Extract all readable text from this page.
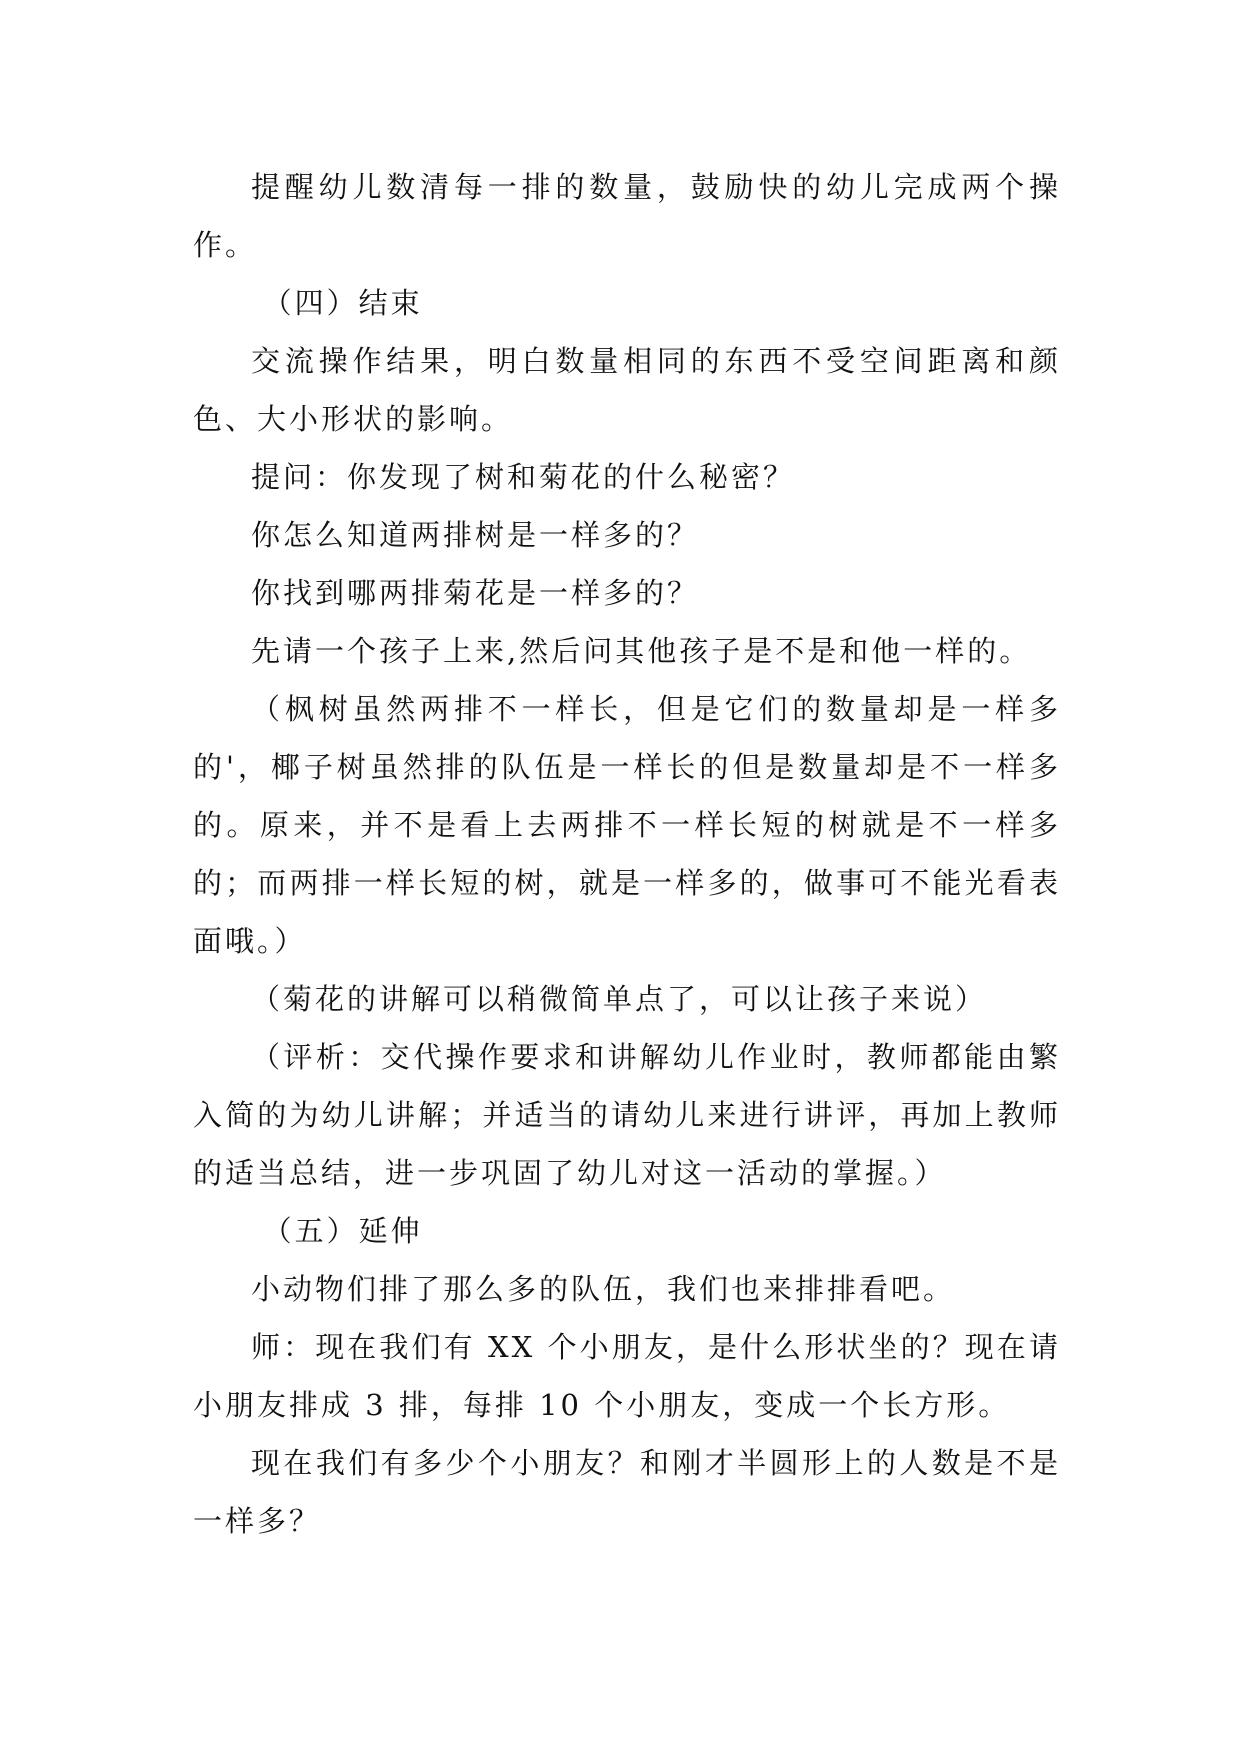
提醒幼儿数清每一排的数量，鼓励快的幼儿完成两个操作。

（四）结束

交流操作结果，明白数量相同的东西不受空间距离和颜色、大小形状的影响。

提问：你发现了树和菊花的什么秘密？

你怎么知道两排树是一样多的？

你找到哪两排菊花是一样多的？

先请一个孩子上来,然后问其他孩子是不是和他一样的。

（枫树虽然两排不一样长，但是它们的数量却是一样多的'，椰子树虽然排的队伍是一样长的但是数量却是不一样多的。原来，并不是看上去两排不一样长短的树就是不一样多的；而两排一样长短的树，就是一样多的，做事可不能光看表面哦。）

（菊花的讲解可以稍微简单点了，可以让孩子来说）

（评析：交代操作要求和讲解幼儿作业时，教师都能由繁入简的为幼儿讲解；并适当的请幼儿来进行讲评，再加上教师的适当总结，进一步巩固了幼儿对这一活动的掌握。）

（五）延伸

小动物们排了那么多的队伍，我们也来排排看吧。

师：现在我们有 XX 个小朋友，是什么形状坐的？现在请小朋友排成 3 排，每排 10 个小朋友，变成一个长方形。

现在我们有多少个小朋友？和刚才半圆形上的人数是不是一样多？
